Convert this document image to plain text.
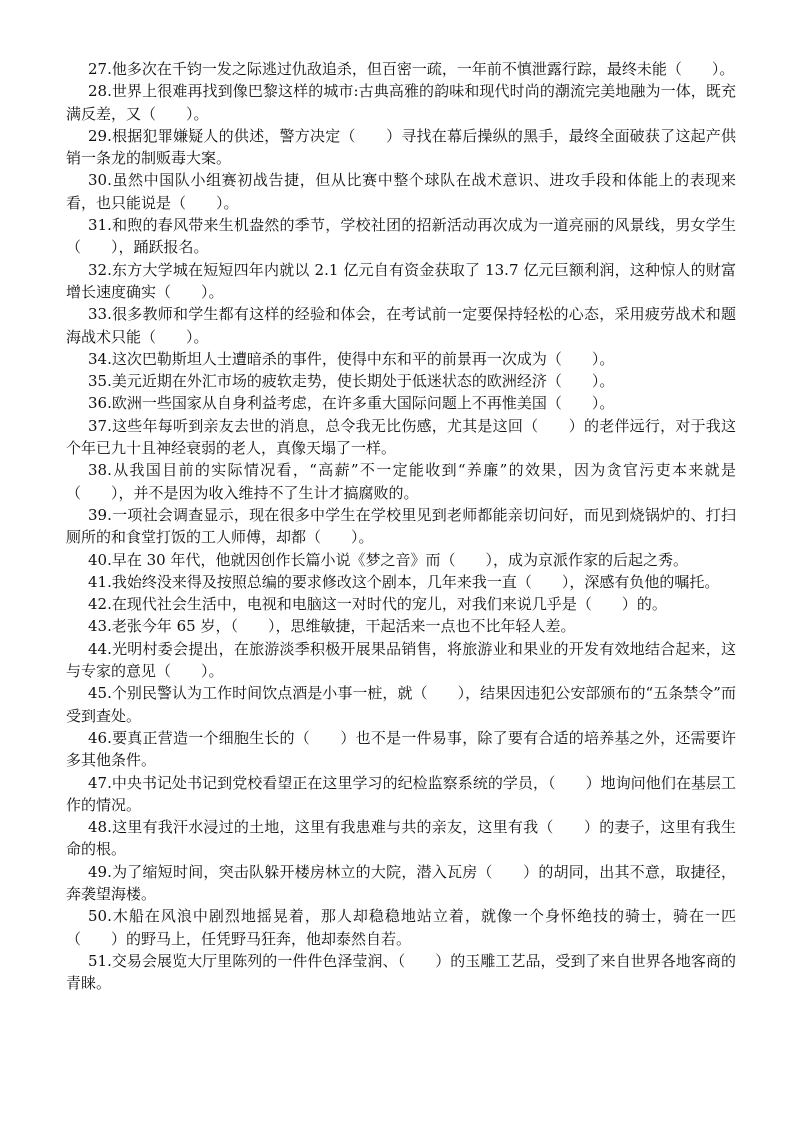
27.他多次在千钧一发之际逃过仇敌追杀，但百密一疏，一年前不慎泄露行踪，最终未能（　　）。

28.世界上很难再找到像巴黎这样的城市:古典高雅的韵味和现代时尚的潮流完美地融为一体，既充满反差，又（　　）。

29.根据犯罪嫌疑人的供述，警方决定（　　）寻找在幕后操纵的黑手，最终全面破获了这起产供销一条龙的制贩毒大案。

30.虽然中国队小组赛初战告捷，但从比赛中整个球队在战术意识、进攻手段和体能上的表现来看，也只能说是（　　）。

31.和煦的春风带来生机盎然的季节，学校社团的招新活动再次成为一道亮丽的风景线，男女学生（　　），踊跃报名。

32.东方大学城在短短四年内就以 2.1 亿元自有资金获取了 13.7 亿元巨额利润，这种惊人的财富增长速度确实（　　）。

33.很多教师和学生都有这样的经验和体会，在考试前一定要保持轻松的心态，采用疲劳战术和题海战术只能（　　）。

34.这次巴勒斯坦人士遭暗杀的事件，使得中东和平的前景再一次成为（　　）。

35.美元近期在外汇市场的疲软走势，使长期处于低迷状态的欧洲经济（　　）。

36.欧洲一些国家从自身利益考虑，在许多重大国际问题上不再惟美国（　　）。

37.这些年每听到亲友去世的消息，总令我无比伤感，尤其是这回（　　）的老伴远行，对于我这个年已九十且神经衰弱的老人，真像天塌了一样。

38.从我国目前的实际情况看，“高薪”不一定能收到“养廉”的效果，因为贪官污吏本来就是（　　），并不是因为收入维持不了生计才搞腐败的。

39.一项社会调查显示，现在很多中学生在学校里见到老师都能亲切问好，而见到烧锅炉的、打扫厕所的和食堂打饭的工人师傅，却都（　　）。

40.早在 30 年代，他就因创作长篇小说《梦之音》而（　　），成为京派作家的后起之秀。

41.我始终没来得及按照总编的要求修改这个剧本，几年来我一直（　　），深感有负他的嘱托。

42.在现代社会生活中，电视和电脑这一对时代的宠儿，对我们来说几乎是（　　）的。

43.老张今年 65 岁，（　　），思维敏捷，干起活来一点也不比年轻人差。

44.光明村委会提出，在旅游淡季积极开展果品销售，将旅游业和果业的开发有效地结合起来，这与专家的意见（　　）。

45.个别民警认为工作时间饮点酒是小事一桩，就（　　），结果因违犯公安部颁布的“五条禁令”而受到查处。

46.要真正营造一个细胞生长的（　　）也不是一件易事，除了要有合适的培养基之外，还需要许多其他条件。

47.中央书记处书记到党校看望正在这里学习的纪检监察系统的学员，（　　）地询问他们在基层工作的情况。

48.这里有我汗水浸过的土地，这里有我患难与共的亲友，这里有我（　　）的妻子，这里有我生命的根。

49.为了缩短时间，突击队躲开楼房林立的大院，潜入瓦房（　　）的胡同，出其不意，取捷径，奔袭望海楼。

50.木船在风浪中剧烈地摇晃着，那人却稳稳地站立着，就像一个身怀绝技的骑士，骑在一匹（　　）的野马上，任凭野马狂奔，他却泰然自若。

51.交易会展览大厅里陈列的一件件色泽莹润、（　　）的玉雕工艺品，受到了来自世界各地客商的青睐。
